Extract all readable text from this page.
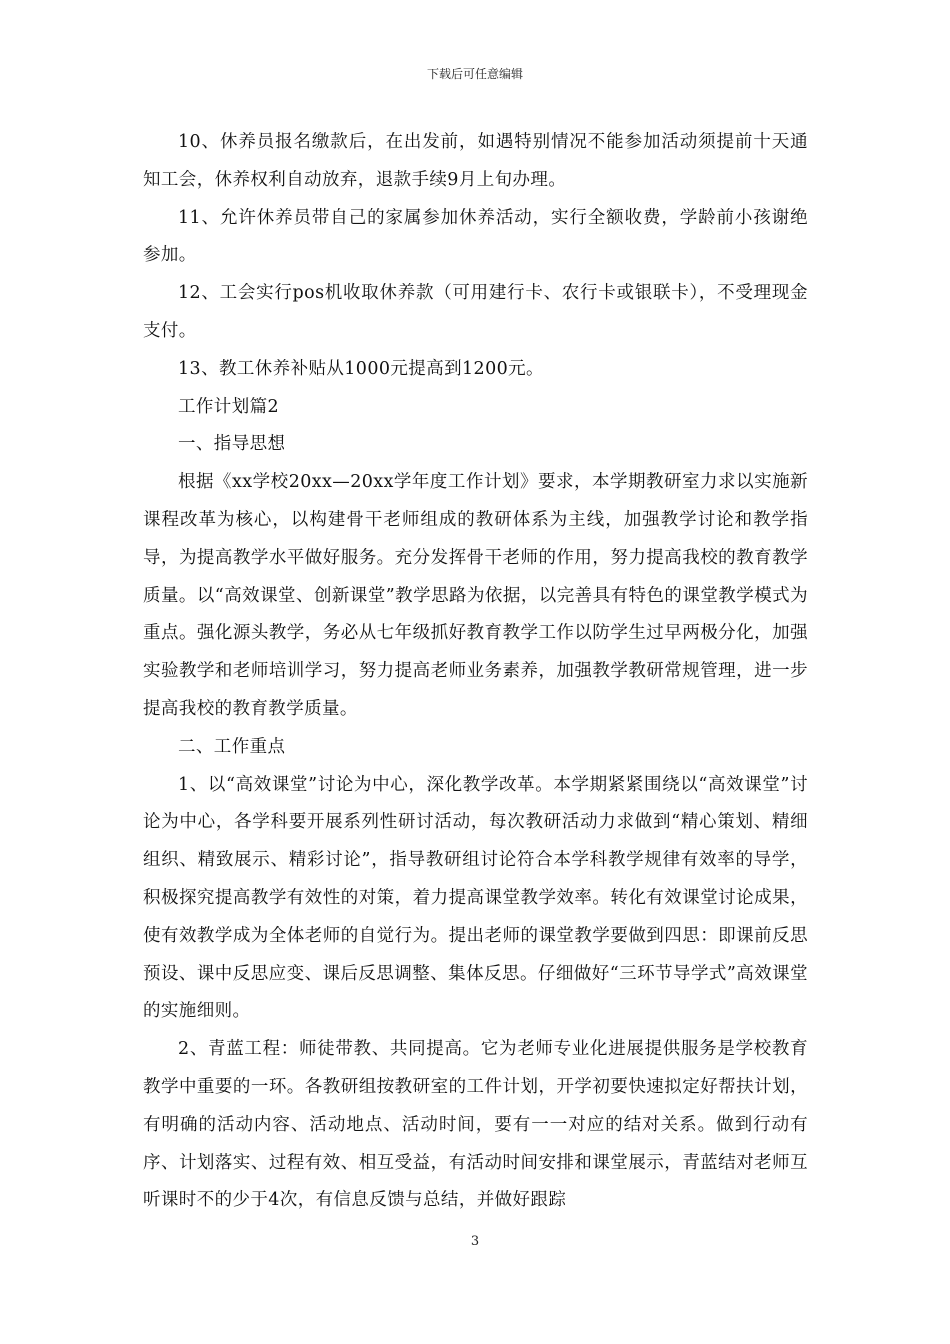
下载后可任意编辑

10、休养员报名缴款后，在出发前，如遇特别情况不能参加活动须提前十天通知工会，休养权利自动放弃，退款手续9月上旬办理。

11、允许休养员带自己的家属参加休养活动，实行全额收费，学龄前小孩谢绝参加。

12、工会实行pos机收取休养款（可用建行卡、农行卡或银联卡），不受理现金支付。

13、教工休养补贴从1000元提高到1200元。

工作计划篇2

一、指导思想

根据《xx学校20xx—20xx学年度工作计划》要求，本学期教研室力求以实施新课程改革为核心，以构建骨干老师组成的教研体系为主线，加强教学讨论和教学指导，为提高教学水平做好服务。充分发挥骨干老师的作用，努力提高我校的教育教学质量。以“高效课堂、创新课堂”教学思路为依据，以完善具有特色的课堂教学模式为重点。强化源头教学，务必从七年级抓好教育教学工作以防学生过早两极分化，加强实验教学和老师培训学习，努力提高老师业务素养，加强教学教研常规管理，进一步提高我校的教育教学质量。

二、工作重点

1、以“高效课堂”讨论为中心，深化教学改革。本学期紧紧围绕以“高效课堂”讨论为中心，各学科要开展系列性研讨活动，每次教研活动力求做到“精心策划、精细组织、精致展示、精彩讨论”，指导教研组讨论符合本学科教学规律有效率的导学，积极探究提高教学有效性的对策，着力提高课堂教学效率。转化有效课堂讨论成果，使有效教学成为全体老师的自觉行为。提出老师的课堂教学要做到四思：即课前反思预设、课中反思应变、课后反思调整、集体反思。仔细做好“三环节导学式”高效课堂的实施细则。

2、青蓝工程：师徒带教、共同提高。它为老师专业化进展提供服务是学校教育教学中重要的一环。各教研组按教研室的工件计划，开学初要快速拟定好帮扶计划，有明确的活动内容、活动地点、活动时间，要有一一对应的结对关系。做到行动有序、计划落实、过程有效、相互受益，有活动时间安排和课堂展示，青蓝结对老师互听课时不的少于4次，有信息反馈与总结，并做好跟踪

3
